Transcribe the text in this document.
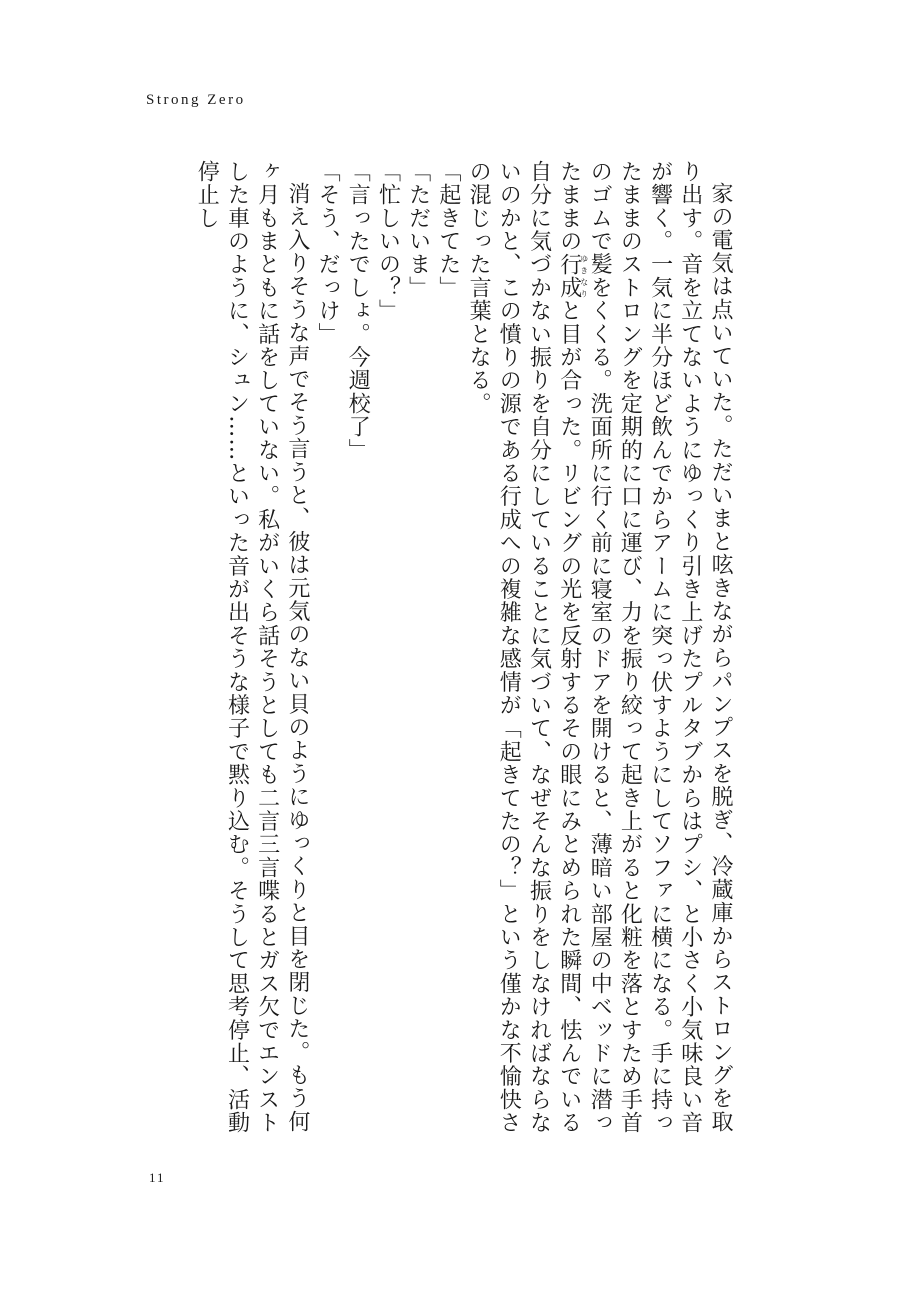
Strong Zero

家の電気は点いていた。ただいまと呟きながらパンプスを脱ぎ、冷蔵庫からストロングを取り出す。音を立てないようにゆっくり引き上げたプルタブからはプシ、と小さく小気味良い音が響く。一気に半分ほど飲んでからアームに突っ伏すようにしてソファに横になる。手に持ったままのストロングを定期的に口に運び、力を振り絞って起き上がると化粧を落とすため手首のゴムで髪をくくる。洗面所に行く前に寝室のドアを開けると、薄暗い部屋の中ベッドに潜ったままの行ゆき成なりと目が合った。リビングの光を反射するその眼にみとめられた瞬間、怯んでいる自分に気づかない振りを自分にしていることに気づいて、なぜそんな振りをしなければならないのかと、この憤りの源である行成への複雑な感情が「起きてたの？」という僅かな不愉快さの混じった言葉となる。

「起きてた」

「ただいま」

「忙しいの？」

「言ったでしょ。今週校了」

「そう、だっけ」

消え入りそうな声でそう言うと、彼は元気のない貝のようにゆっくりと目を閉じた。もう何ヶ月もまともに話をしていない。私がいくら話そうとしても二言三言喋るとガス欠でエンストした車のように、シュン……といった音が出そうな様子で黙り込む。そうして思考停止、活動停止し

11
